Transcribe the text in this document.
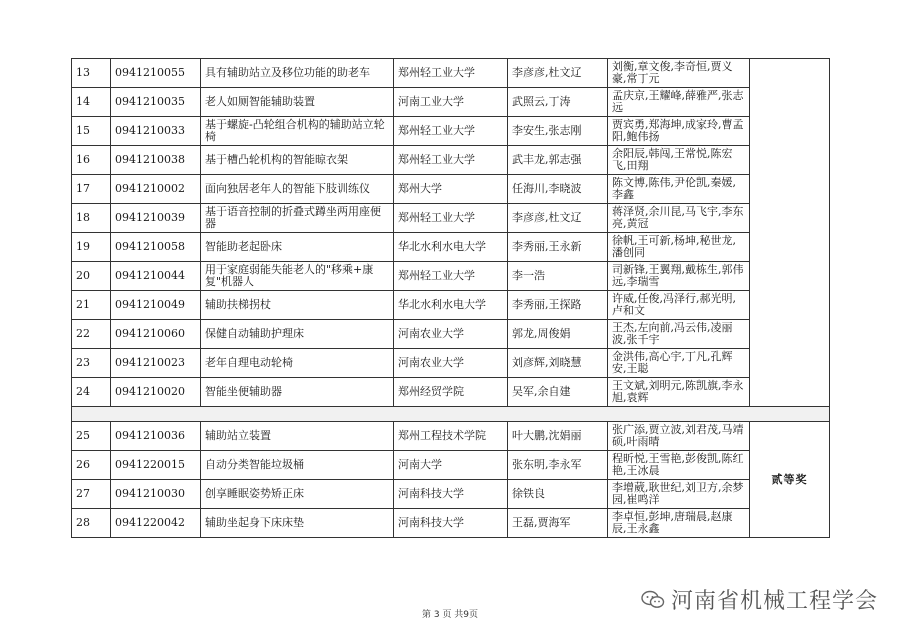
13	0941210055	具有辅助站立及移位功能的助老车	郑州轻工业大学	李彦彦,杜文辽	刘衡,章文俊,李奇恒,贾义豪,常丁元	
14	0941210035	老人如厕智能辅助装置	河南工业大学	武照云,丁涛	孟庆京,王耀峰,薛雅严,张志远	
15	0941210033	基于螺旋-凸轮组合机构的辅助站立轮椅	郑州轻工业大学	李安生,张志刚	贾宾勇,郑海坤,成家玲,曹孟阳,鲍伟扬	
16	0941210038	基于槽凸轮机构的智能晾衣架	郑州轻工业大学	武丰龙,郭志强	余阳辰,韩闯,王常悦,陈宏飞,田翔	
17	0941210002	面向独居老年人的智能下肢训练仪	郑州大学	任海川,李晓波	陈文博,陈伟,尹伦凯,秦媛,李鑫	
18	0941210039	基于语音控制的折叠式蹲坐两用座便器	郑州轻工业大学	李彦彦,杜文辽	蒋泽贤,余川昆,马飞宇,李东亮,黄冠	
19	0941210058	智能助老起卧床	华北水利水电大学	李秀丽,王永新	徐帆,王可新,杨坤,秘世龙,潘创同	
20	0941210044	用于家庭弱能失能老人的"移乘+康复"机器人	郑州轻工业大学	李一浩	司新锋,王翼翔,戴栋生,郭伟远,李瑞雪	
21	0941210049	辅助扶梯拐杖	华北水利水电大学	李秀丽,王探路	许威,任俊,冯泽行,郝光明,卢和文	
22	0941210060	保健自动辅助护理床	河南农业大学	郭龙,周俊娟	王杰,左向前,冯云伟,凌丽波,张千宇	
23	0941210023	老年自理电动轮椅	河南农业大学	刘彦辉,刘晓慧	金洪伟,高心宇,丁凡,孔辉安,王聪	
24	0941210020	智能坐便辅助器	郑州经贸学院	吴军,余自建	王文斌,刘明元,陈凯旗,李永旭,袁辉	

25	0941210036	辅助站立装置	郑州工程技术学院	叶大鹏,沈娟丽	张广添,贾立波,刘君茂,马靖硕,叶雨晴	贰等奖
26	0941220015	自动分类智能垃圾桶	河南大学	张东明,李永军	程昕悦,王雪艳,彭俊凯,陈红艳,王冰晨	
27	0941210030	创享睡眠姿势矫正床	河南科技大学	徐铁良	李增葳,耿世纪,刘卫方,余梦园,崔鸣洋	
28	0941220042	辅助坐起身下床床垫	河南科技大学	王磊,贾海军	李卓恒,彭坤,唐瑞晨,赵康辰,王永鑫	
第 3 页 共9页
河南省机械工程学会
